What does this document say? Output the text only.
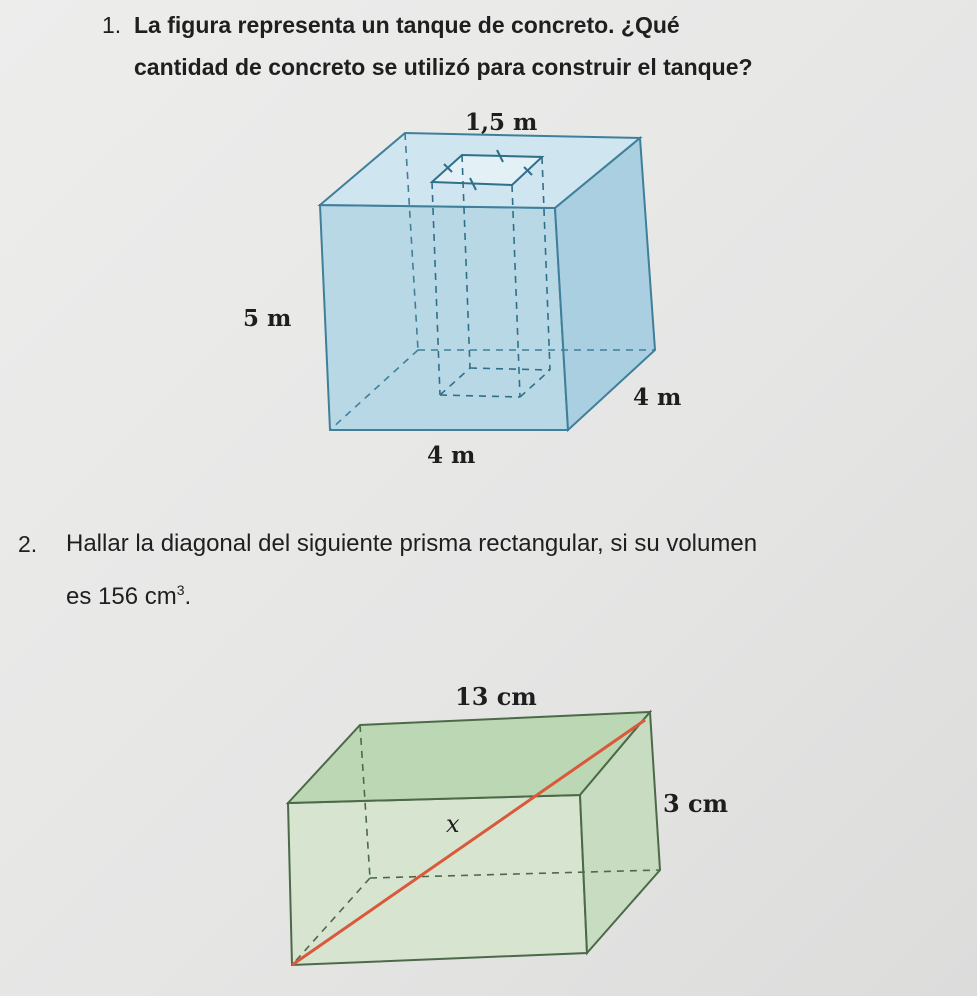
1. La figura representa un tanque de concreto. ¿Qué
cantidad de concreto se utilizó para construir el tanque?
1,5 m
5 m
4 m
4 m
2. Hallar la diagonal del siguiente prisma rectangular, si su volumen
es 156 $cm^3$.
13 cm
3 cm
x
